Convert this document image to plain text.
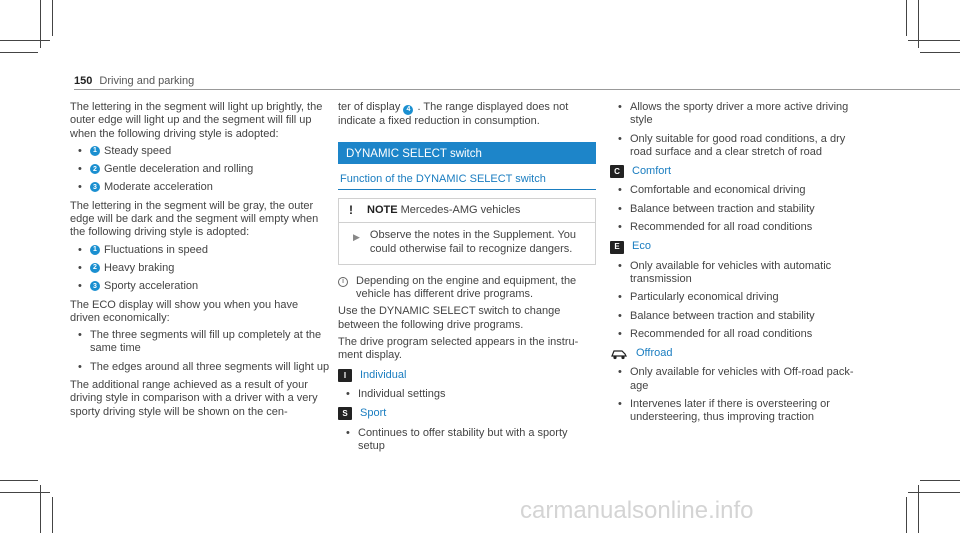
150 Driving and parking

The lettering in the segment will light up brightly, the outer edge will light up and the segment will fill up when the following driving style is adopted:

•	1 Steady speed
•	2 Gentle deceleration and rolling
•	3 Moderate acceleration

The lettering in the segment will be gray, the outer edge will be dark and the segment will empty when the following driving style is adopted:

•	1 Fluctuations in speed
•	2 Heavy braking
•	3 Sporty acceleration

The ECO display will show you when you have driven economically:

• The three segments will fill up completely at the same time
• The edges around all three segments will light up

The additional range achieved as a result of your driving style in comparison with a driver with a very sporty driving style will be shown on the cen-

ter of display 4 . The range displayed does not indicate a fixed reduction in consumption.

DYNAMIC SELECT switch
Function of the DYNAMIC SELECT switch
! NOTE Mercedes-AMG vehicles
▶ Observe the notes in the Supplement. You could otherwise fail to recognize dangers.
i	Depending on the engine and equipment, the vehicle has different drive programs.

Use the DYNAMIC SELECT switch to change between the following drive programs.

The drive program selected appears in the instru-ment display.

I	Individual
• Individual settings
S	Sport
• Continues to offer stability but with a sporty setup
• Allows the sporty driver a more active driving style
• Only suitable for good road conditions, a dry road surface and a clear stretch of road
C	Comfort
• Comfortable and economical driving
• Balance between traction and stability
• Recommended for all road conditions
E	Eco
• Only available for vehicles with automatic transmission
• Particularly economical driving
• Balance between traction and stability
• Recommended for all road conditions
Offroad
• Only available for vehicles with Off-road pack-age
• Intervenes later if there is oversteering or understeering, thus improving traction
carmanualsonline.info
